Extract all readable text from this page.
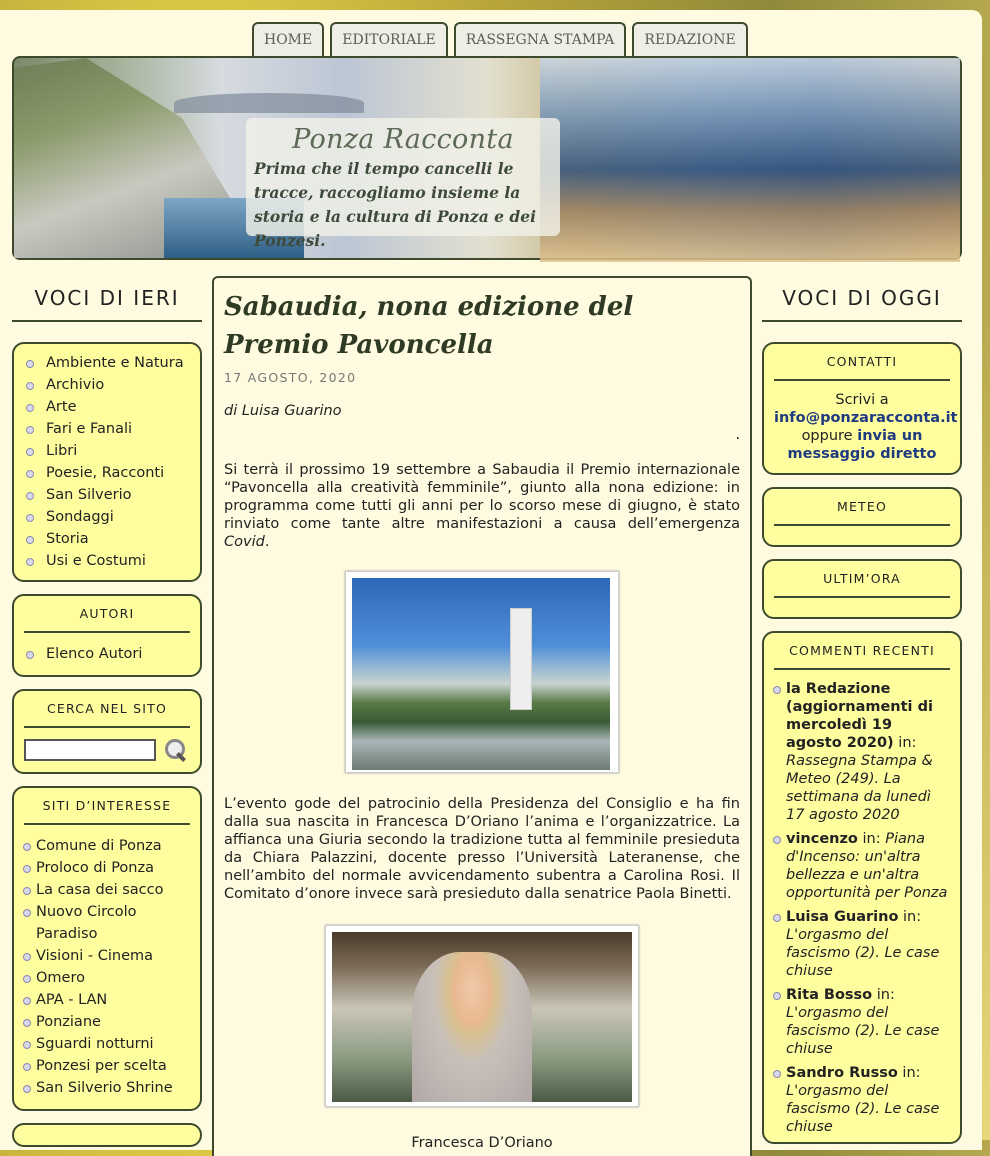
HOME	EDITORIALE	RASSEGNA STAMPA	REDAZIONE
Ponza Racconta

Prima che il tempo cancelli le tracce, raccogliamo insieme la storia e la cultura di Ponza e dei Ponzesi.

VOCI DI IERI
Ambiente e Natura
Archivio
Arte
Fari e Fanali
Libri
Poesie, Racconti
San Silverio
Sondaggi
Storia
Usi e Costumi
AUTORI
Elenco Autori
CERCA NEL SITO
SITI D’INTERESSE
Comune di Ponza
Proloco di Ponza
La casa dei sacco
Nuovo Circolo Paradiso
Visioni - Cinema
Omero
APA - LAN
Ponziane
Sguardi notturni
Ponzesi per scelta
San Silverio Shrine
Sabaudia, nona edizione del Premio Pavoncella
17 AGOSTO, 2020
di Luisa Guarino
.
Si terrà il prossimo 19 settembre a Sabaudia il Premio internazionale “Pavoncella alla creatività femminile”, giunto alla nona edizione: in programma come tutti gli anni per lo scorso mese di giugno, è stato rinviato come tante altre manifestazioni a causa dell’emergenza Covid.
L’evento gode del patrocinio della Presidenza del Consiglio e ha fin dalla sua nascita in Francesca D’Oriano l’anima e l’organizzatrice. La affianca una Giuria secondo la tradizione tutta al femminile presieduta da Chiara Palazzini, docente presso l’Università Lateranense, che nell’ambito del normale avvicendamento subentra a Carolina Rosi. Il Comitato d’onore invece sarà presieduto dalla senatrice Paola Binetti.
Francesca D’Oriano
VOCI DI OGGI
CONTATTI
Scrivi a
info@ponzaracconta.it
oppure invia un messaggio diretto
METEO
ULTIM’ORA
COMMENTI RECENTI
la Redazione (aggiornamenti di mercoledì 19 agosto 2020) in: Rassegna Stampa & Meteo (249). La settimana da lunedì 17 agosto 2020
vincenzo in: Piana d'Incenso: un'altra bellezza e un'altra opportunità per Ponza
Luisa Guarino in: L'orgasmo del fascismo (2). Le case chiuse
Rita Bosso in: L'orgasmo del fascismo (2). Le case chiuse
Sandro Russo in: L'orgasmo del fascismo (2). Le case chiuse
